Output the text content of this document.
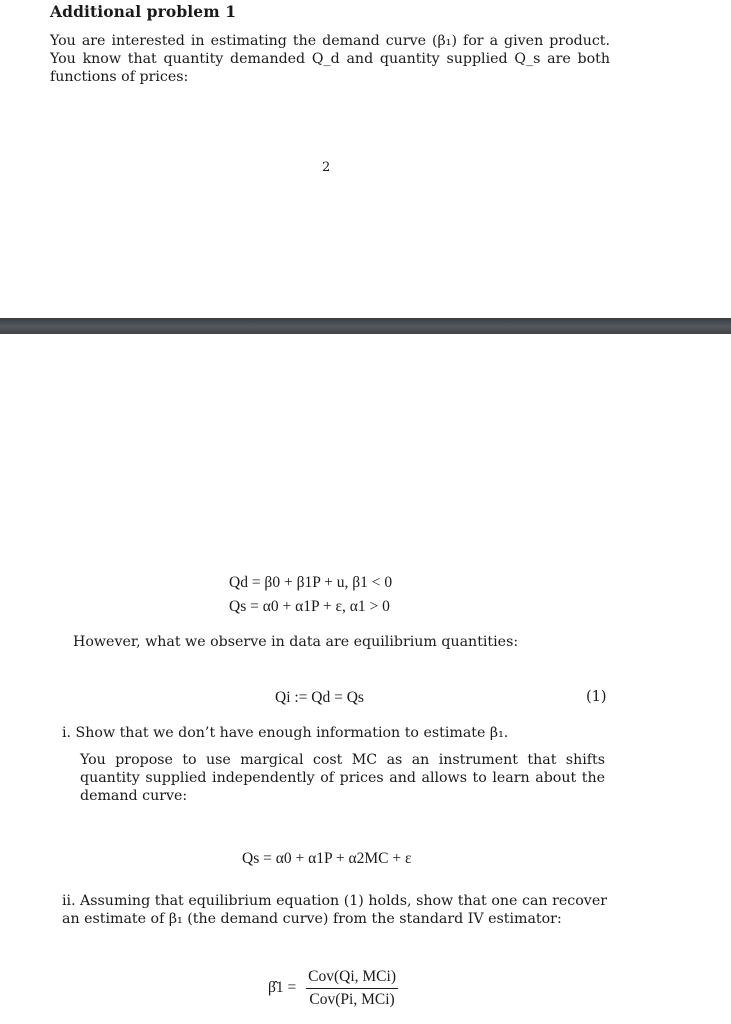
Additional problem 1
You are interested in estimating the demand curve (β₁) for a given product. You know that quantity demanded Q_d and quantity supplied Q_s are both functions of prices:
2
Qd = β0 + β1P + u, β1 < 0
Qs = α0 + α1P + ε, α1 > 0
However, what we observe in data are equilibrium quantities:
Qi := Qd = Qs	(1)
i. Show that we don’t have enough information to estimate β₁.
You propose to use margical cost MC as an instrument that shifts quantity supplied independently of prices and allows to learn about the demand curve:
Qs = α0 + α1P + α2MC + ε
ii. Assuming that equilibrium equation (1) holds, show that one can recover an estimate of β₁ (the demand curve) from the standard IV estimator:
β̂1 = $\frac{\text{Cov(Qi, MCi)}}{\text{Cov(Pi, MCi)}}$
